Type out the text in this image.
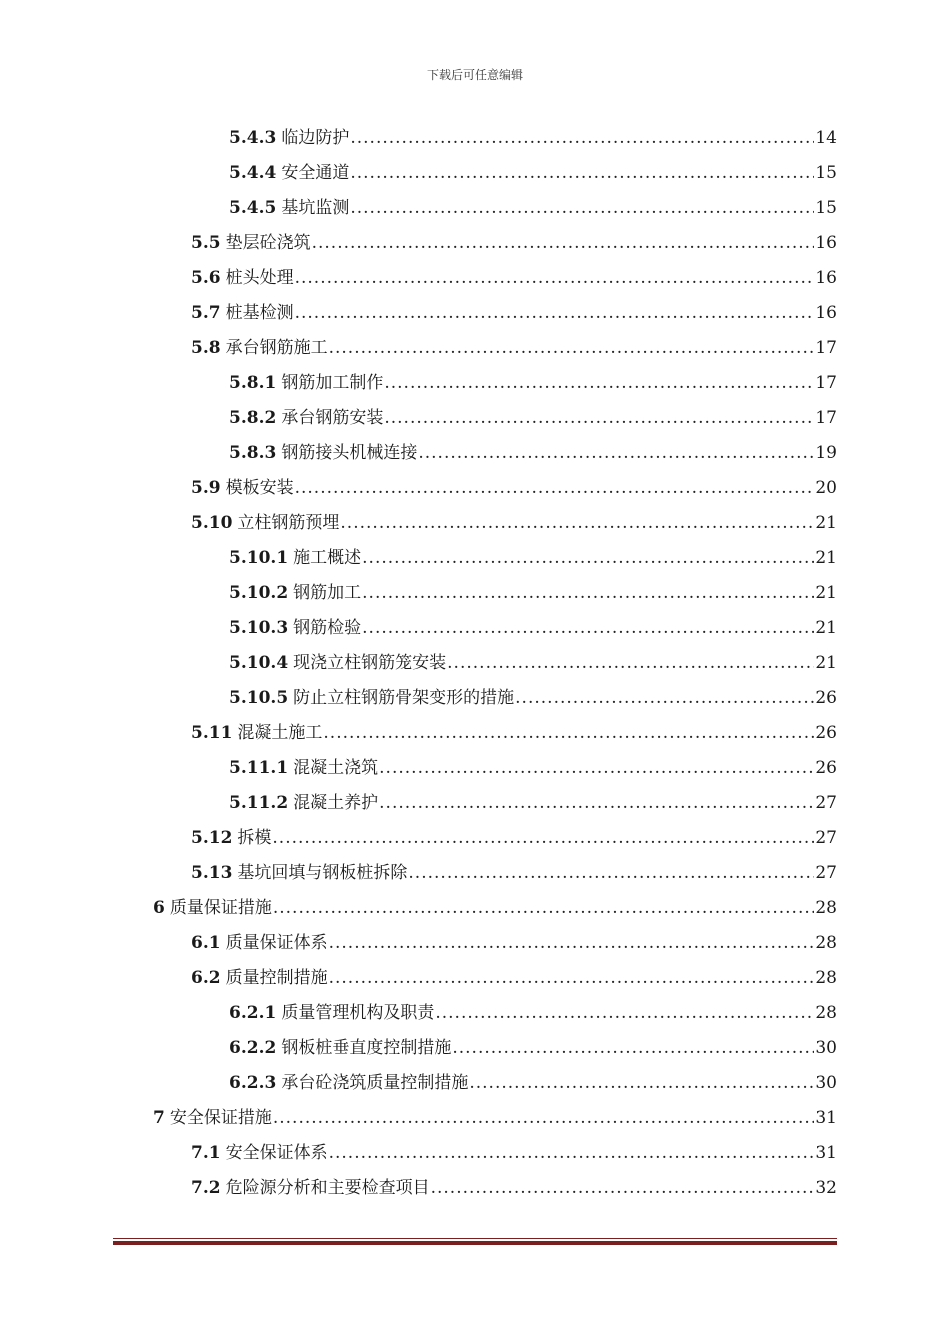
下载后可任意编辑
5.4.3 临边防护 .....	14
5.4.4 安全通道 .....	15
5.4.5 基坑监测 .....	15
5.5 垫层砼浇筑 .....	16
5.6 桩头处理 .....	16
5.7 桩基检测 .....	16
5.8 承台钢筋施工 .....	17
5.8.1 钢筋加工制作 .....	17
5.8.2 承台钢筋安装 .....	17
5.8.3 钢筋接头机械连接 .....	19
5.9 模板安装 .....	20
5.10 立柱钢筋预埋 .....	21
5.10.1 施工概述 .....	21
5.10.2 钢筋加工 .....	21
5.10.3 钢筋检验 .....	21
5.10.4 现浇立柱钢筋笼安装 .....	21
5.10.5 防止立柱钢筋骨架变形的措施 .....	26
5.11 混凝土施工 .....	26
5.11.1 混凝土浇筑 .....	26
5.11.2 混凝土养护 .....	27
5.12 拆模 .....	27
5.13 基坑回填与钢板桩拆除 .....	27
6 质量保证措施 .....	28
6.1 质量保证体系 .....	28
6.2 质量控制措施 .....	28
6.2.1 质量管理机构及职责 .....	28
6.2.2 钢板桩垂直度控制措施 .....	30
6.2.3 承台砼浇筑质量控制措施 .....	30
7 安全保证措施 .....	31
7.1 安全保证体系 .....	31
7.2 危险源分析和主要检查项目 .....	32
